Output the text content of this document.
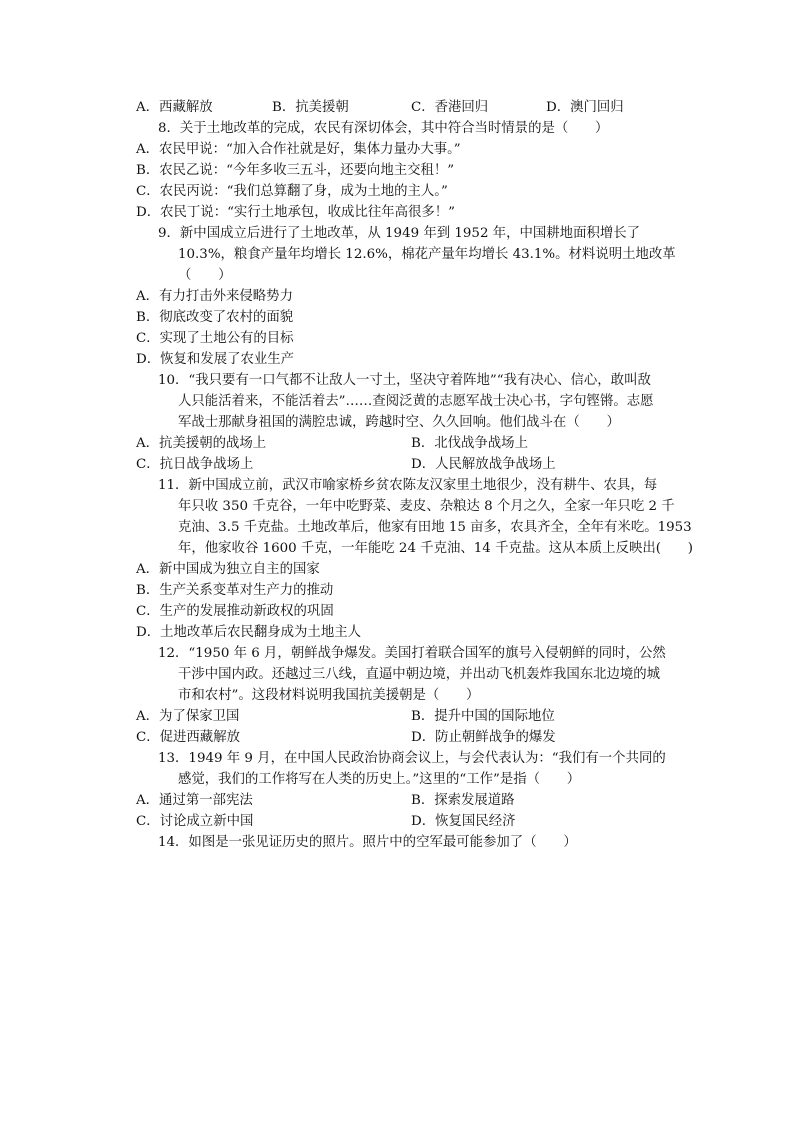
A．西藏解放	B．抗美援朝	C．香港回归	D．澳门回归
8．关于土地改革的完成，农民有深切体会，其中符合当时情景的是（　　）
A．农民甲说：“加入合作社就是好，集体力量办大事。”
B．农民乙说：“今年多收三五斗，还要向地主交租！”
C．农民丙说：“我们总算翻了身，成为土地的主人。”
D．农民丁说：“实行土地承包，收成比往年高很多！”
9．新中国成立后进行了土地改革，从 1949 年到 1952 年，中国耕地面积增长了
10.3%，粮食产量年均增长 12.6%，棉花产量年均增长 43.1%。材料说明土地改革
（　　）
A．有力打击外来侵略势力
B．彻底改变了农村的面貌
C．实现了土地公有的目标
D．恢复和发展了农业生产
10．“我只要有一口气都不让敌人一寸土，坚决守着阵地”“我有决心、信心，敢叫敌
人只能活着来，不能活着去”……查阅泛黄的志愿军战士决心书，字句铿锵。志愿
军战士那献身祖国的满腔忠诚，跨越时空、久久回响。他们战斗在（　　）
A．抗美援朝的战场上	B．北伐战争战场上
C．抗日战争战场上	D．人民解放战争战场上
11．新中国成立前，武汉市喻家桥乡贫农陈友汉家里土地很少，没有耕牛、农具，每
年只收 350 千克谷，一年中吃野菜、麦皮、杂粮达 8 个月之久，全家一年只吃 2 千
克油、3.5 千克盐。土地改革后，他家有田地 15 亩多，农具齐全，全年有米吃。1953
年，他家收谷 1600 千克，一年能吃 24 千克油、14 千克盐。这从本质上反映出(　　)
A．新中国成为独立自主的国家
B．生产关系变革对生产力的推动
C．生产的发展推动新政权的巩固
D．土地改革后农民翻身成为土地主人
12．“1950 年 6 月，朝鲜战争爆发。美国打着联合国军的旗号入侵朝鲜的同时，公然
干涉中国内政。还越过三八线，直逼中朝边境，并出动飞机轰炸我国东北边境的城
市和农村”。这段材料说明我国抗美援朝是（　　）
A．为了保家卫国	B．提升中国的国际地位
C．促进西藏解放	D．防止朝鲜战争的爆发
13．1949 年 9 月，在中国人民政治协商会议上，与会代表认为：“我们有一个共同的
感觉，我们的工作将写在人类的历史上。”这里的“工作”是指（　　）
A．通过第一部宪法	B．探索发展道路
C．讨论成立新中国	D．恢复国民经济
14．如图是一张见证历史的照片。照片中的空军最可能参加了（　　）
